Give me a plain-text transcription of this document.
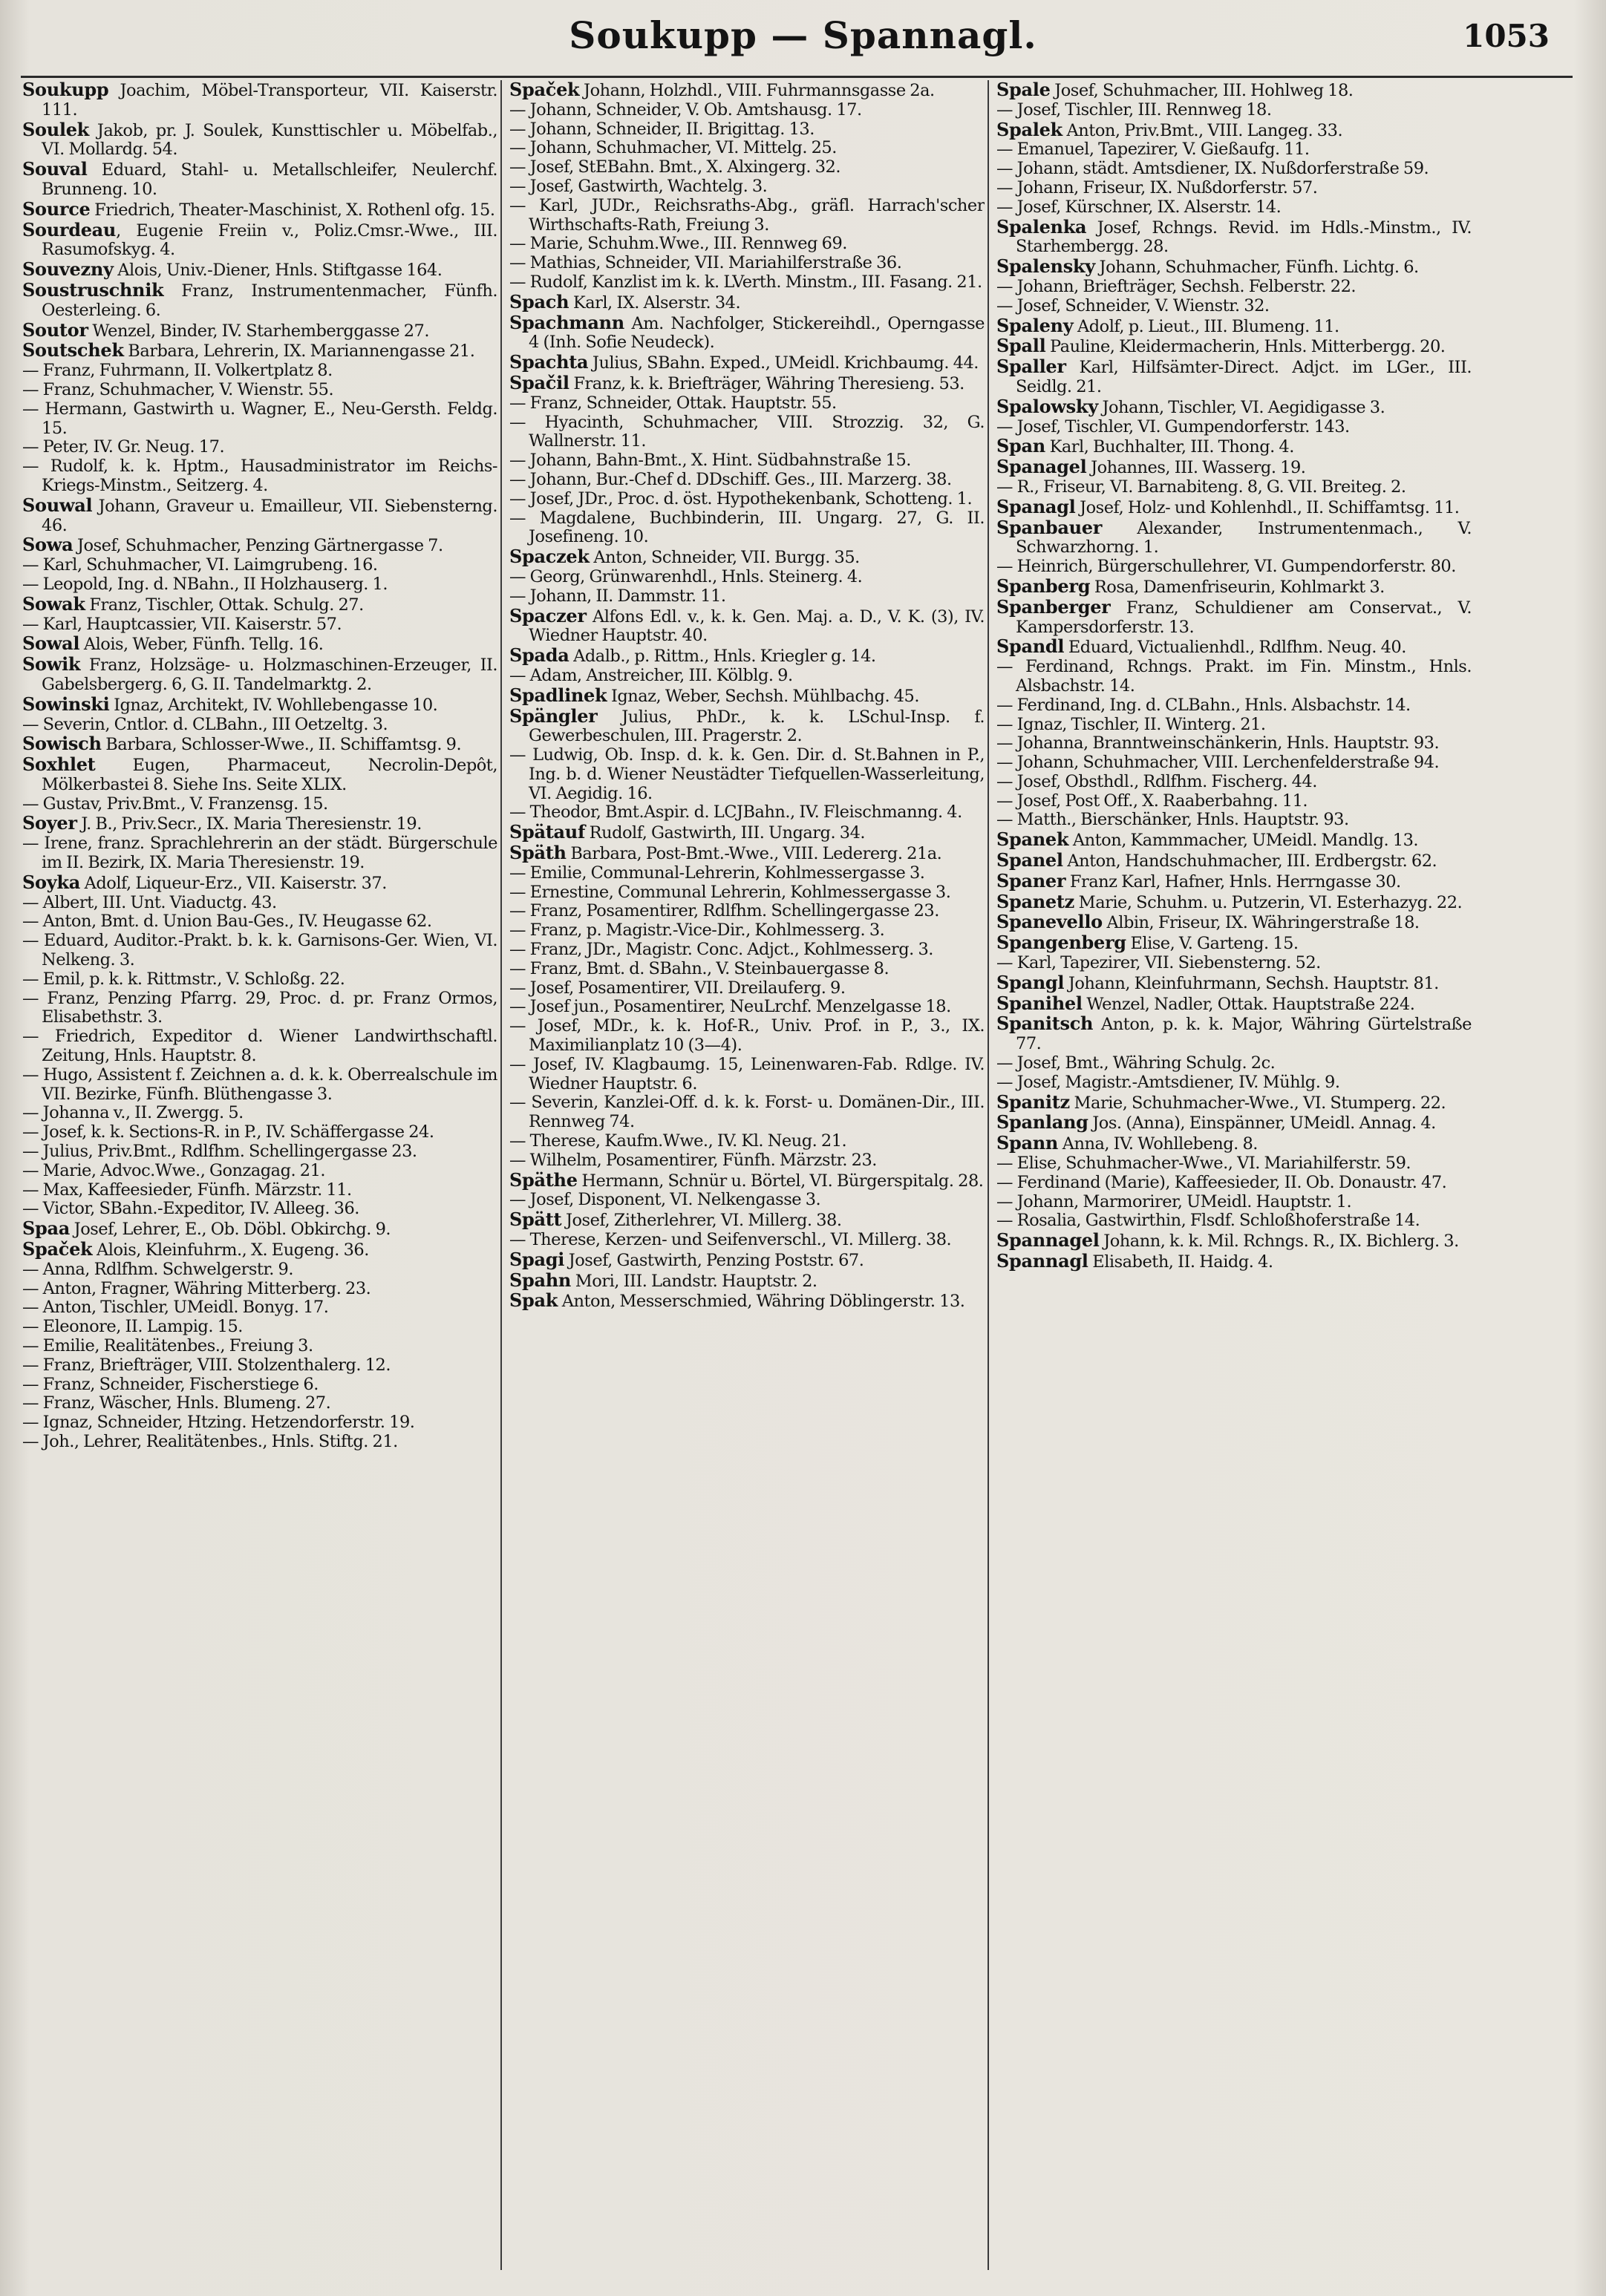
Soukupp — Spannagl.	1053
Soukupp Joachim, Möbel-Transporteur, VII. Kaiserstr. 111.
Soulek Jakob, pr. J. Soulek, Kunsttischler u. Möbelfab., VI. Mollardg. 54.
Souval Eduard, Stahl- u. Metallschleifer, Neulerchf. Brunneng. 10.
Source Friedrich, Theater-Maschinist, X. Rothenl ofg. 15.
Sourdeau, Eugenie Freiin v., Poliz.Cmsr.-Wwe., III. Rasumofskyg. 4.
Souvezny Alois, Univ.-Diener, Hnls. Stiftgasse 164.
Soustruschnik Franz, Instrumentenmacher, Fünfh. Oesterleing. 6.
Soutor Wenzel, Binder, IV. Starhemberggasse 27.
Soutschek Barbara, Lehrerin, IX. Mariannengasse 21.
— Franz, Fuhrmann, II. Volkertplatz 8.
— Franz, Schuhmacher, V. Wienstr. 55.
— Hermann, Gastwirth u. Wagner, E., Neu-Gersth. Feldg. 15.
— Peter, IV. Gr. Neug. 17.
— Rudolf, k. k. Hptm., Hausadministrator im Reichs-Kriegs-Minstm., Seitzerg. 4.
Souwal Johann, Graveur u. Emailleur, VII. Siebensterng. 46.
Sowa Josef, Schuhmacher, Penzing Gärtnergasse 7.
— Karl, Schuhmacher, VI. Laimgrubeng. 16.
— Leopold, Ing. d. NBahn., II Holzhauserg. 1.
Sowak Franz, Tischler, Ottak. Schulg. 27.
— Karl, Hauptcassier, VII. Kaiserstr. 57.
Sowal Alois, Weber, Fünfh. Tellg. 16.
Sowik Franz, Holzsäge- u. Holzmaschinen-Erzeuger, II. Gabelsbergerg. 6, G. II. Tandelmarktg. 2.
Sowinski Ignaz, Architekt, IV. Wohllebengasse 10.
— Severin, Cntlor. d. CLBahn., III Oetzeltg. 3.
Sowisch Barbara, Schlosser-Wwe., II. Schiffamtsg. 9.
Soxhlet Eugen, Pharmaceut, Necrolin-Depôt, Mölkerbastei 8. Siehe Ins. Seite XLIX.
— Gustav, Priv.Bmt., V. Franzensg. 15.
Soyer J. B., Priv.Secr., IX. Maria Theresienstr. 19.
— Irene, franz. Sprachlehrerin an der städt. Bürgerschule im II. Bezirk, IX. Maria Theresienstr. 19.
Soyka Adolf, Liqueur-Erz., VII. Kaiserstr. 37.
— Albert, III. Unt. Viaductg. 43.
— Anton, Bmt. d. Union Bau-Ges., IV. Heugasse 62.
— Eduard, Auditor.-Prakt. b. k. k. Garnisons-Ger. Wien, VI. Nelkeng. 3.
— Emil, p. k. k. Rittmstr., V. Schloßg. 22.
— Franz, Penzing Pfarrg. 29, Proc. d. pr. Franz Ormos, Elisabethstr. 3.
— Friedrich, Expeditor d. Wiener Landwirthschaftl. Zeitung, Hnls. Hauptstr. 8.
— Hugo, Assistent f. Zeichnen a. d. k. k. Oberrealschule im VII. Bezirke, Fünfh. Blüthengasse 3.
— Johanna v., II. Zwergg. 5.
— Josef, k. k. Sections-R. in P., IV. Schäffergasse 24.
— Julius, Priv.Bmt., Rdlfhm. Schellingergasse 23.
— Marie, Advoc.Wwe., Gonzagag. 21.
— Max, Kaffeesieder, Fünfh. Märzstr. 11.
— Victor, SBahn.-Expeditor, IV. Alleeg. 36.
Spaa Josef, Lehrer, E., Ob. Döbl. Obkirchg. 9.
Spaček Alois, Kleinfuhrm., X. Eugeng. 36.
— Anna, Rdlfhm. Schwelgerstr. 9.
— Anton, Fragner, Währing Mitterberg. 23.
— Anton, Tischler, UMeidl. Bonyg. 17.
— Eleonore, II. Lampig. 15.
— Emilie, Realitätenbes., Freiung 3.
— Franz, Briefträger, VIII. Stolzenthalerg. 12.
— Franz, Schneider, Fischerstiege 6.
— Franz, Wäscher, Hnls. Blumeng. 27.
— Ignaz, Schneider, Htzing. Hetzendorferstr. 19.
— Joh., Lehrer, Realitätenbes., Hnls. Stiftg. 21.
Spaček Johann, Holzhdl., VIII. Fuhrmannsgasse 2a.
— Johann, Schneider, V. Ob. Amtshausg. 17.
— Johann, Schneider, II. Brigittag. 13.
— Johann, Schuhmacher, VI. Mittelg. 25.
— Josef, StEBahn. Bmt., X. Alxingerg. 32.
— Josef, Gastwirth, Wachtelg. 3.
— Karl, JUDr., Reichsraths-Abg., gräfl. Harrach'scher Wirthschafts-Rath, Freiung 3.
— Marie, Schuhm.Wwe., III. Rennweg 69.
— Mathias, Schneider, VII. Mariahilferstraße 36.
— Rudolf, Kanzlist im k. k. LVerth. Minstm., III. Fasang. 21.
Spach Karl, IX. Alserstr. 34.
Spachmann Am. Nachfolger, Stickereihdl., Operngasse 4 (Inh. Sofie Neudeck).
Spachta Julius, SBahn. Exped., UMeidl. Krichbaumg. 44.
Spačil Franz, k. k. Briefträger, Währing Theresieng. 53.
— Franz, Schneider, Ottak. Hauptstr. 55.
— Hyacinth, Schuhmacher, VIII. Strozzig. 32, G. Wallnerstr. 11.
— Johann, Bahn-Bmt., X. Hint. Südbahnstraße 15.
— Johann, Bur.-Chef d. DDschiff. Ges., III. Marzerg. 38.
— Josef, JDr., Proc. d. öst. Hypothekenbank, Schotteng. 1.
— Magdalene, Buchbinderin, III. Ungarg. 27, G. II. Josefineng. 10.
Spaczek Anton, Schneider, VII. Burgg. 35.
— Georg, Grünwarenhdl., Hnls. Steinerg. 4.
— Johann, II. Dammstr. 11.
Spaczer Alfons Edl. v., k. k. Gen. Maj. a. D., V. K. (3), IV. Wiedner Hauptstr. 40.
Spada Adalb., p. Rittm., Hnls. Kriegler g. 14.
— Adam, Anstreicher, III. Kölblg. 9.
Spadlinek Ignaz, Weber, Sechsh. Mühlbachg. 45.
Spängler Julius, PhDr., k. k. LSchul-Insp. f. Gewerbeschulen, III. Pragerstr. 2.
— Ludwig, Ob. Insp. d. k. k. Gen. Dir. d. St.Bahnen in P., Ing. b. d. Wiener Neustädter Tiefquellen-Wasserleitung, VI. Aegidig. 16.
— Theodor, Bmt.Aspir. d. LCJBahn., IV. Fleischmanng. 4.
Spätauf Rudolf, Gastwirth, III. Ungarg. 34.
Späth Barbara, Post-Bmt.-Wwe., VIII. Ledererg. 21a.
— Emilie, Communal-Lehrerin, Kohlmessergasse 3.
— Ernestine, Communal Lehrerin, Kohlmessergasse 3.
— Franz, Posamentirer, Rdlfhm. Schellingergasse 23.
— Franz, p. Magistr.-Vice-Dir., Kohlmesserg. 3.
— Franz, JDr., Magistr. Conc. Adjct., Kohlmesserg. 3.
— Franz, Bmt. d. SBahn., V. Steinbauergasse 8.
— Josef, Posamentirer, VII. Dreilauferg. 9.
— Josef jun., Posamentirer, NeuLrchf. Menzelgasse 18.
— Josef, MDr., k. k. Hof-R., Univ. Prof. in P., 3., IX. Maximilianplatz 10 (3—4).
— Josef, IV. Klagbaumg. 15, Leinenwaren-Fab. Rdlge. IV. Wiedner Hauptstr. 6.
— Severin, Kanzlei-Off. d. k. k. Forst- u. Domänen-Dir., III. Rennweg 74.
— Therese, Kaufm.Wwe., IV. Kl. Neug. 21.
— Wilhelm, Posamentirer, Fünfh. Märzstr. 23.
Späthe Hermann, Schnür u. Börtel, VI. Bürgerspitalg. 28.
— Josef, Disponent, VI. Nelkengasse 3.
Spätt Josef, Zitherlehrer, VI. Millerg. 38.
— Therese, Kerzen- und Seifenverschl., VI. Millerg. 38.
Spagi Josef, Gastwirth, Penzing Poststr. 67.
Spahn Mori, III. Landstr. Hauptstr. 2.
Spak Anton, Messerschmied, Währing Döblingerstr. 13.
Spale Josef, Schuhmacher, III. Hohlweg 18.
— Josef, Tischler, III. Rennweg 18.
Spalek Anton, Priv.Bmt., VIII. Langeg. 33.
— Emanuel, Tapezirer, V. Gießaufg. 11.
— Johann, städt. Amtsdiener, IX. Nußdorferstraße 59.
— Johann, Friseur, IX. Nußdorferstr. 57.
— Josef, Kürschner, IX. Alserstr. 14.
Spalenka Josef, Rchngs. Revid. im Hdls.-Minstm., IV. Starhembergg. 28.
Spalensky Johann, Schuhmacher, Fünfh. Lichtg. 6.
— Johann, Briefträger, Sechsh. Felberstr. 22.
— Josef, Schneider, V. Wienstr. 32.
Spaleny Adolf, p. Lieut., III. Blumeng. 11.
Spall Pauline, Kleidermacherin, Hnls. Mitterbergg. 20.
Spaller Karl, Hilfsämter-Direct. Adjct. im LGer., III. Seidlg. 21.
Spalowsky Johann, Tischler, VI. Aegidigasse 3.
— Josef, Tischler, VI. Gumpendorferstr. 143.
Span Karl, Buchhalter, III. Thong. 4.
Spanagel Johannes, III. Wasserg. 19.
— R., Friseur, VI. Barnabiteng. 8, G. VII. Breiteg. 2.
Spanagl Josef, Holz- und Kohlenhdl., II. Schiffamtsg. 11.
Spanbauer Alexander, Instrumentenmach., V. Schwarzhorng. 1.
— Heinrich, Bürgerschullehrer, VI. Gumpendorferstr. 80.
Spanberg Rosa, Damenfriseurin, Kohlmarkt 3.
Spanberger Franz, Schuldiener am Conservat., V. Kampersdorferstr. 13.
Spandl Eduard, Victualienhdl., Rdlfhm. Neug. 40.
— Ferdinand, Rchngs. Prakt. im Fin. Minstm., Hnls. Alsbachstr. 14.
— Ferdinand, Ing. d. CLBahn., Hnls. Alsbachstr. 14.
— Ignaz, Tischler, II. Winterg. 21.
— Johanna, Branntweinschänkerin, Hnls. Hauptstr. 93.
— Johann, Schuhmacher, VIII. Lerchenfelderstraße 94.
— Josef, Obsthdl., Rdlfhm. Fischerg. 44.
— Josef, Post Off., X. Raaberbahng. 11.
— Matth., Bierschänker, Hnls. Hauptstr. 93.
Spanek Anton, Kammmacher, UMeidl. Mandlg. 13.
Spanel Anton, Handschuhmacher, III. Erdbergstr. 62.
Spaner Franz Karl, Hafner, Hnls. Herrngasse 30.
Spanetz Marie, Schuhm. u. Putzerin, VI. Esterhazyg. 22.
Spanevello Albin, Friseur, IX. Währingerstraße 18.
Spangenberg Elise, V. Garteng. 15.
— Karl, Tapezirer, VII. Siebensterng. 52.
Spangl Johann, Kleinfuhrmann, Sechsh. Hauptstr. 81.
Spanihel Wenzel, Nadler, Ottak. Hauptstraße 224.
Spanitsch Anton, p. k. k. Major, Währing Gürtelstraße 77.
— Josef, Bmt., Währing Schulg. 2c.
— Josef, Magistr.-Amtsdiener, IV. Mühlg. 9.
Spanitz Marie, Schuhmacher-Wwe., VI. Stumperg. 22.
Spanlang Jos. (Anna), Einspänner, UMeidl. Annag. 4.
Spann Anna, IV. Wohllebeng. 8.
— Elise, Schuhmacher-Wwe., VI. Mariahilferstr. 59.
— Ferdinand (Marie), Kaffeesieder, II. Ob. Donaustr. 47.
— Johann, Marmorirer, UMeidl. Hauptstr. 1.
— Rosalia, Gastwirthin, Flsdf. Schloßhoferstraße 14.
Spannagel Johann, k. k. Mil. Rchngs. R., IX. Bichlerg. 3.
Spannagl Elisabeth, II. Haidg. 4.
